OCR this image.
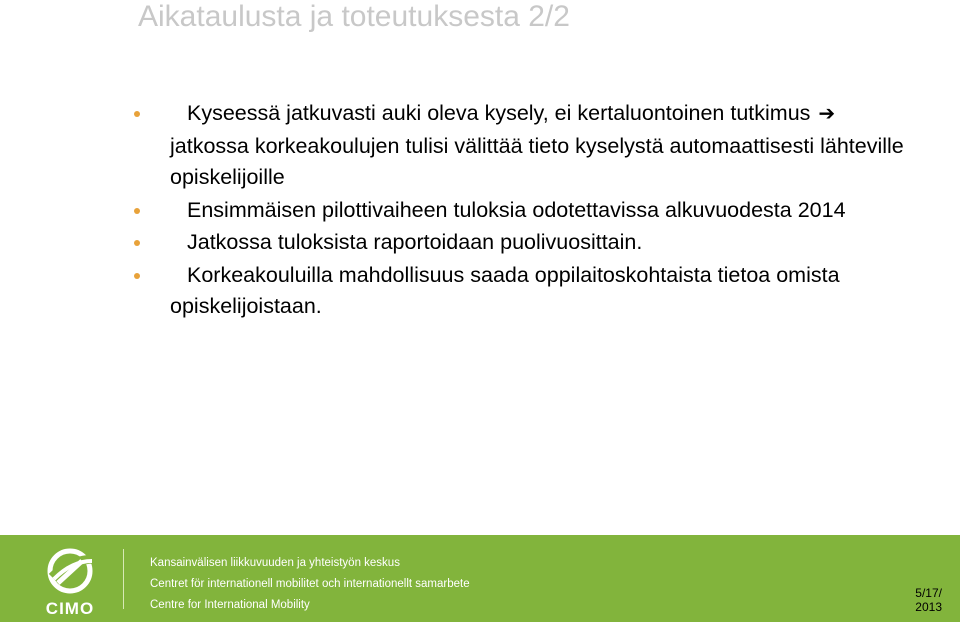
Aikataulusta ja toteutuksesta 2/2
Kyseessä jatkuvasti auki oleva kysely, ei kertaluontoinen tutkimus ➔ jatkossa korkeakoulujen tulisi välittää tieto kyselystä automaattisesti lähteville opiskelijoille
Ensimmäisen pilottivaiheen tuloksia odotettavissa alkuvuodesta 2014
Jatkossa tuloksista raportoidaan puolivuosittain.
Korkeakouluilla mahdollisuus saada oppilaitoskohtaista tietoa omista opiskelijoistaan.
CIMO
Kansainvälisen liikkuvuuden ja yhteistyön keskus
Centret för internationell mobilitet och internationellt samarbete
Centre for International Mobility
5/17/
2013
